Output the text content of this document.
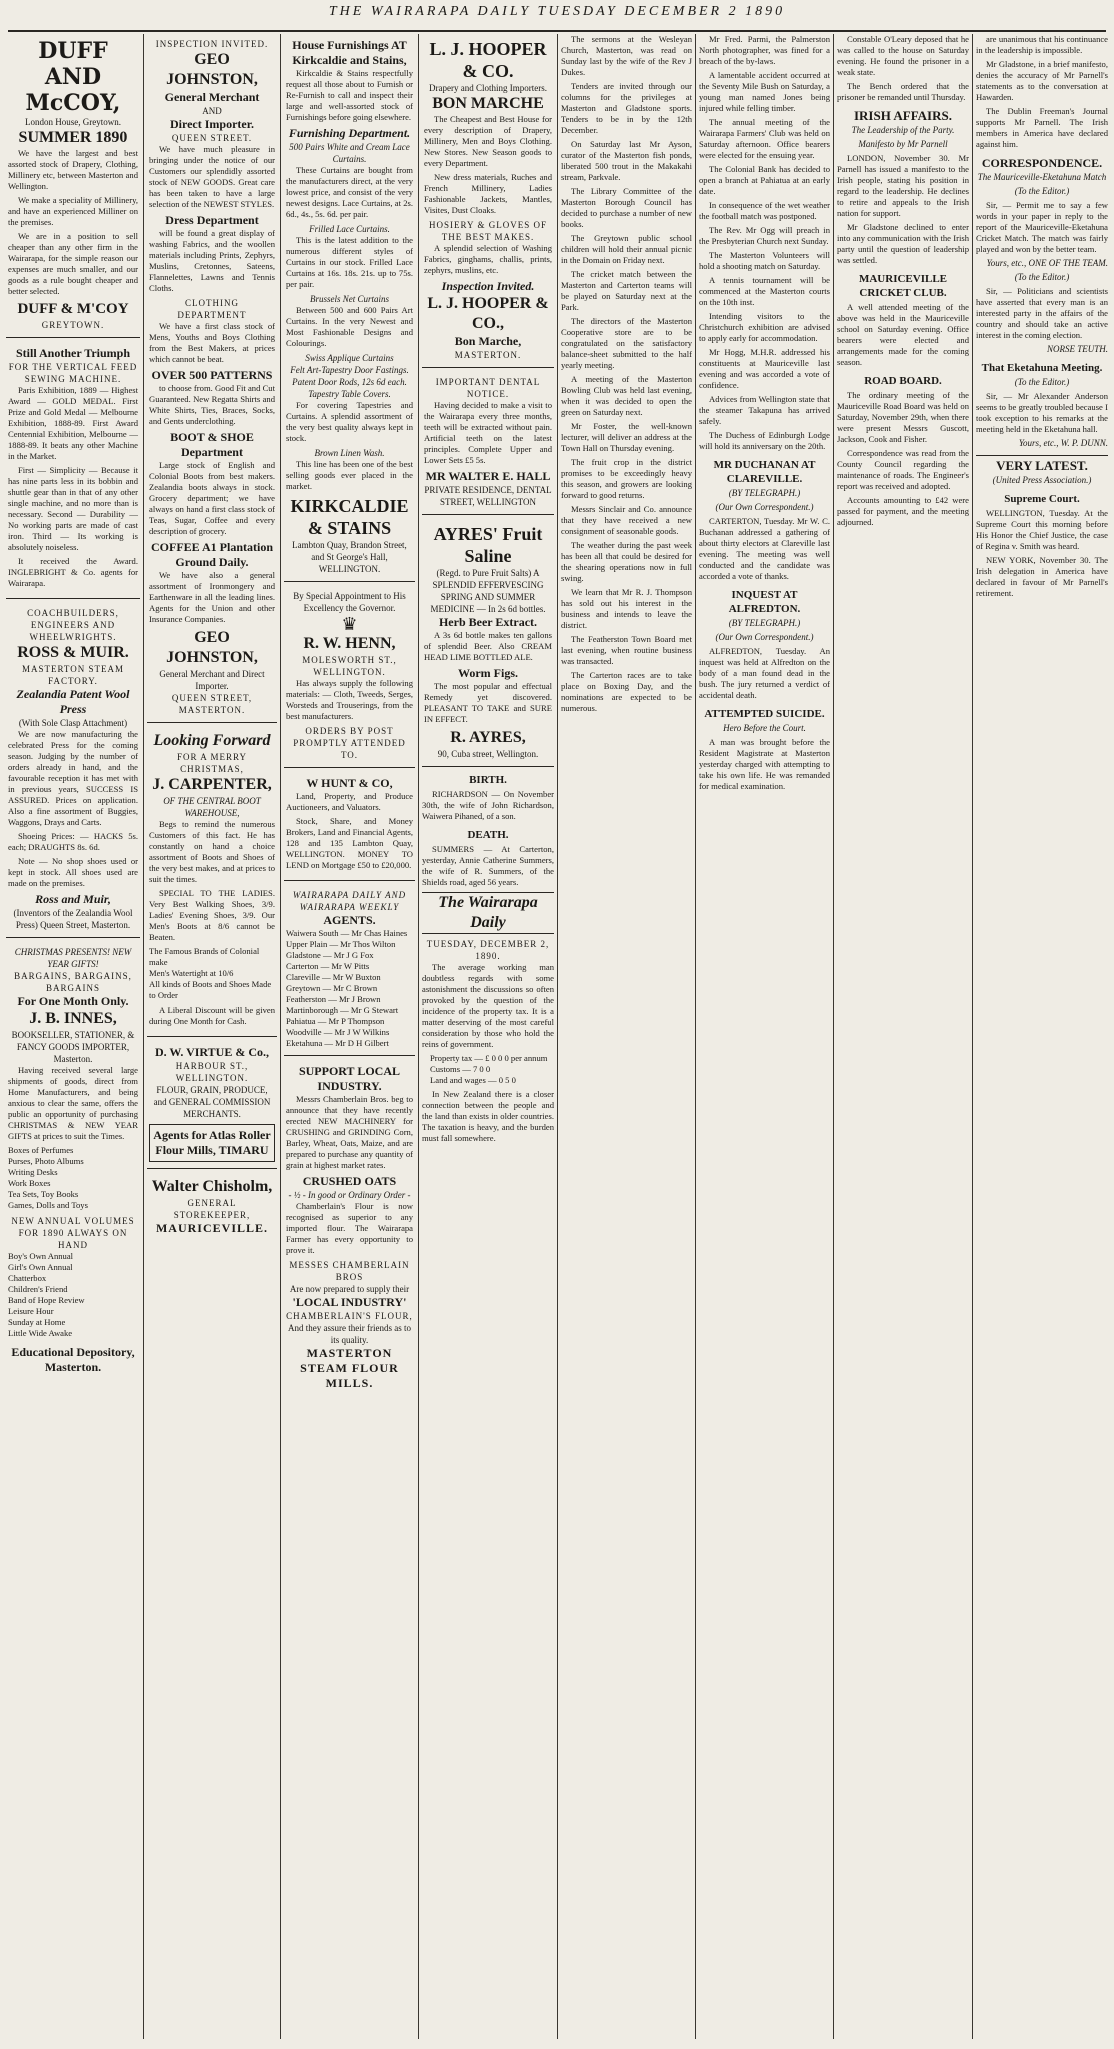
THE WAIRARAPA DAILY TUESDAY DECEMBER 2 1890
DUFF AND McCOY,
London House, Greytown.
SUMMER 1890

We have the largest and best assorted stock of Drapery, Clothing, Millinery etc, between Masterton and Wellington.

We make a speciality of Millinery, and have an experienced Milliner on the premises.

We are in a position to sell cheaper than any other firm in the Wairarapa, for the simple reason our expenses are much smaller, and our goods as a rule bought cheaper and better selected.

DUFF & M'COY
GREYTOWN.
Still Another Triumph
FOR THE VERTICAL FEED SEWING MACHINE.

Paris Exhibition, 1889 — Highest Award — GOLD MEDAL. First Prize and Gold Medal — Melbourne Exhibition, 1888-89. First Award Centennial Exhibition, Melbourne — 1888-89. It beats any other Machine in the Market.

First — Simplicity — Because it has nine parts less in its bobbin and shuttle gear than in that of any other single machine, and no more than is necessary. Second — Durability — No working parts are made of cast iron. Third — Its working is absolutely noiseless.

It received the Award. INGLEBRIGHT & Co. agents for Wairarapa.

COACHBUILDERS, ENGINEERS AND WHEELWRIGHTS.
ROSS & MUIR.
MASTERTON STEAM FACTORY.
Zealandia Patent Wool Press
(With Sole Clasp Attachment)

We are now manufacturing the celebrated Press for the coming season. Judging by the number of orders already in hand, and the favourable reception it has met with in previous years, SUCCESS IS ASSURED. Prices on application. Also a fine assortment of Buggies, Waggons, Drays and Carts.

Shoeing Prices: — HACKS 5s. each; DRAUGHTS 8s. 6d.

Note — No shop shoes used or kept in stock. All shoes used are made on the premises.

Ross and Muir,
(Inventors of the Zealandia Wool Press) Queen Street, Masterton.
CHRISTMAS PRESENTS! NEW YEAR GIFTS!
BARGAINS, BARGAINS, BARGAINS
For One Month Only.
J. B. INNES,
BOOKSELLER, STATIONER, & FANCY GOODS IMPORTER, Masterton.

Having received several large shipments of goods, direct from Home Manufacturers, and being anxious to clear the same, offers the public an opportunity of purchasing CHRISTMAS & NEW YEAR GIFTS at prices to suit the Times.

Boxes of Perfumes
Purses, Photo Albums
Writing Desks
Work Boxes
Tea Sets, Toy Books
Games, Dolls and Toys
NEW ANNUAL VOLUMES FOR 1890 ALWAYS ON HAND
Boy's Own Annual
Girl's Own Annual
Chatterbox
Children's Friend
Band of Hope Review
Leisure Hour
Sunday at Home
Little Wide Awake
Educational Depository, Masterton.
INSPECTION INVITED.
GEO JOHNSTON,
General Merchant
AND
Direct Importer.
QUEEN STREET.

We have much pleasure in bringing under the notice of our Customers our splendidly assorted stock of NEW GOODS. Great care has been taken to have a large selection of the NEWEST STYLES.

Dress Department

will be found a great display of washing Fabrics, and the woollen materials including Prints, Zephyrs, Muslins, Cretonnes, Sateens, Flannelettes, Lawns and Tennis Cloths.

CLOTHING DEPARTMENT

We have a first class stock of Mens, Youths and Boys Clothing from the Best Makers, at prices which cannot be beat.

OVER 500 PATTERNS

to choose from. Good Fit and Cut Guaranteed. New Regatta Shirts and White Shirts, Ties, Braces, Socks, and Gents underclothing.

BOOT & SHOE Department

Large stock of English and Colonial Boots from best makers. Zealandia boots always in stock. Grocery department; we have always on hand a first class stock of Teas, Sugar, Coffee and every description of grocery.

COFFEE A1 Plantation Ground Daily.

We have also a general assortment of Ironmongery and Earthenware in all the leading lines. Agents for the Union and other Insurance Companies.

GEO JOHNSTON,
General Merchant and Direct Importer.
QUEEN STREET, MASTERTON.
Looking Forward
FOR A MERRY CHRISTMAS,
J. CARPENTER,
OF THE CENTRAL BOOT WAREHOUSE,

Begs to remind the numerous Customers of this fact. He has constantly on hand a choice assortment of Boots and Shoes of the very best makes, and at prices to suit the times.

SPECIAL TO THE LADIES. Very Best Walking Shoes, 3/9. Ladies' Evening Shoes, 3/9. Our Men's Boots at 8/6 cannot be Beaten.

The Famous Brands of Colonial make
Men's Watertight at 10/6
All kinds of Boots and Shoes Made to Order

A Liberal Discount will be given during One Month for Cash.

D. W. VIRTUE & Co.,
HARBOUR ST., WELLINGTON.
FLOUR, GRAIN, PRODUCE, and GENERAL COMMISSION MERCHANTS.
Agents for Atlas Roller Flour Mills, TIMARU
Walter Chisholm,
GENERAL STOREKEEPER,
MAURICEVILLE.
House Furnishings AT Kirkcaldie and Stains,

Kirkcaldie & Stains respectfully request all those about to Furnish or Re-Furnish to call and inspect their large and well-assorted stock of Furnishings before going elsewhere.

Furnishing Department.
500 Pairs White and Cream Lace Curtains.

These Curtains are bought from the manufacturers direct, at the very lowest price, and consist of the very newest designs. Lace Curtains, at 2s. 6d., 4s., 5s. 6d. per pair.

Frilled Lace Curtains.

This is the latest addition to the numerous different styles of Curtains in our stock. Frilled Lace Curtains at 16s. 18s. 21s. up to 75s. per pair.

Brussels Net Curtains

Between 500 and 600 Pairs Art Curtains. In the very Newest and Most Fashionable Designs and Colourings.

Swiss Applique Curtains
Felt Art-Tapestry Door Fastings.
Patent Door Rods, 12s 6d each.
Tapestry Table Covers.

For covering Tapestries and Curtains. A splendid assortment of the very best quality always kept in stock.

Brown Linen Wash.

This line has been one of the best selling goods ever placed in the market.

KIRKCALDIE & STAINS
Lambton Quay, Brandon Street, and St George's Hall, WELLINGTON.
By Special Appointment to His Excellency the Governor.
♛
R. W. HENN,
MOLESWORTH ST., WELLINGTON.

Has always supply the following materials: — Cloth, Tweeds, Serges, Worsteds and Trouserings, from the best manufacturers.

ORDERS BY POST PROMPTLY ATTENDED TO.
W HUNT & CO,

Land, Property, and Produce Auctioneers, and Valuators.

Stock, Share, and Money Brokers, Land and Financial Agents, 128 and 135 Lambton Quay, WELLINGTON. MONEY TO LEND on Mortgage £50 to £20,000.

WAIRARAPA DAILY AND WAIRARAPA WEEKLY
AGENTS.
Waiwera South — Mr Chas Haines
Upper Plain — Mr Thos Wilton
Gladstone — Mr J G Fox
Carterton — Mr W Pitts
Clareville — Mr W Buxton
Greytown — Mr C Brown
Featherston — Mr J Brown
Martinborough — Mr G Stewart
Pahiatua — Mr P Thompson
Woodville — Mr J W Wilkins
Eketahuna — Mr D H Gilbert
SUPPORT LOCAL INDUSTRY.

Messrs Chamberlain Bros. beg to announce that they have recently erected NEW MACHINERY for CRUSHING and GRINDING Corn, Barley, Wheat, Oats, Maize, and are prepared to purchase any quantity of grain at highest market rates.

CRUSHED OATS
- ½ - In good or Ordinary Order -

Chamberlain's Flour is now recognised as superior to any imported flour. The Wairarapa Farmer has every opportunity to prove it.

MESSES CHAMBERLAIN BROS
Are now prepared to supply their
'LOCAL INDUSTRY'
CHAMBERLAIN'S FLOUR,
And they assure their friends as to its quality.
MASTERTON STEAM FLOUR MILLS.
L. J. HOOPER & CO.
Drapery and Clothing Importers.
BON MARCHE

The Cheapest and Best House for every description of Drapery, Millinery, Men and Boys Clothing. New Stores. New Season goods to every Department.

New dress materials, Ruches and French Millinery, Ladies Fashionable Jackets, Mantles, Visites, Dust Cloaks.

HOSIERY & GLOVES OF THE BEST MAKES.

A splendid selection of Washing Fabrics, ginghams, challis, prints, zephyrs, muslins, etc.

Inspection Invited.
L. J. HOOPER & CO.,
Bon Marche,
MASTERTON.
IMPORTANT DENTAL NOTICE.

Having decided to make a visit to the Wairarapa every three months, teeth will be extracted without pain. Artificial teeth on the latest principles. Complete Upper and Lower Sets £5 5s.

MR WALTER E. HALL
PRIVATE RESIDENCE, DENTAL STREET, WELLINGTON
AYRES' Fruit Saline
(Regd. to Pure Fruit Salts) A SPLENDID EFFERVESCING SPRING AND SUMMER MEDICINE — In 2s 6d bottles.
Herb Beer Extract.

A 3s 6d bottle makes ten gallons of splendid Beer. Also CREAM HEAD LIME BOTTLED ALE.

Worm Figs.

The most popular and effectual Remedy yet discovered. PLEASANT TO TAKE and SURE IN EFFECT.

R. AYRES,
90, Cuba street, Wellington.
BIRTH.

RICHARDSON — On November 30th, the wife of John Richardson, Waiwera Pihaned, of a son.

DEATH.

SUMMERS — At Carterton, yesterday, Annie Catherine Summers, the wife of R. Summers, of the Shields road, aged 56 years.

The Wairarapa Daily
TUESDAY, DECEMBER 2, 1890.

The average working man doubtless regards with some astonishment the discussions so often provoked by the question of the incidence of the property tax. It is a matter deserving of the most careful consideration by those who hold the reins of government.

Property tax — £ 0 0 0 per annum
Customs — 7 0 0
Land and wages — 0 5 0

In New Zealand there is a closer connection between the people and the land than exists in older countries. The taxation is heavy, and the burden must fall somewhere.

The sermons at the Wesleyan Church, Masterton, was read on Sunday last by the wife of the Rev J Dukes.

Tenders are invited through our columns for the privileges at Masterton and Gladstone sports. Tenders to be in by the 12th December.

On Saturday last Mr Ayson, curator of the Masterton fish ponds, liberated 500 trout in the Makakahi stream, Parkvale.

The Library Committee of the Masterton Borough Council has decided to purchase a number of new books.

The Greytown public school children will hold their annual picnic in the Domain on Friday next.

The cricket match between the Masterton and Carterton teams will be played on Saturday next at the Park.

The directors of the Masterton Cooperative store are to be congratulated on the satisfactory balance-sheet submitted to the half yearly meeting.

A meeting of the Masterton Bowling Club was held last evening, when it was decided to open the green on Saturday next.

Mr Foster, the well-known lecturer, will deliver an address at the Town Hall on Thursday evening.

The fruit crop in the district promises to be exceedingly heavy this season, and growers are looking forward to good returns.

Messrs Sinclair and Co. announce that they have received a new consignment of seasonable goods.

The weather during the past week has been all that could be desired for the shearing operations now in full swing.

We learn that Mr R. J. Thompson has sold out his interest in the business and intends to leave the district.

The Featherston Town Board met last evening, when routine business was transacted.

The Carterton races are to take place on Boxing Day, and the nominations are expected to be numerous.

Mr Fred. Parmi, the Palmerston North photographer, was fined for a breach of the by-laws.

A lamentable accident occurred at the Seventy Mile Bush on Saturday, a young man named Jones being injured while felling timber.

The annual meeting of the Wairarapa Farmers' Club was held on Saturday afternoon. Office bearers were elected for the ensuing year.

The Colonial Bank has decided to open a branch at Pahiatua at an early date.

In consequence of the wet weather the football match was postponed.

The Rev. Mr Ogg will preach in the Presbyterian Church next Sunday.

The Masterton Volunteers will hold a shooting match on Saturday.

A tennis tournament will be commenced at the Masterton courts on the 10th inst.

Intending visitors to the Christchurch exhibition are advised to apply early for accommodation.

Mr Hogg, M.H.R. addressed his constituents at Mauriceville last evening and was accorded a vote of confidence.

Advices from Wellington state that the steamer Takapuna has arrived safely.

The Duchess of Edinburgh Lodge will hold its anniversary on the 20th.

MR DUCHANAN AT CLAREVILLE.
(BY TELEGRAPH.)
(Our Own Correspondent.)

CARTERTON, Tuesday. Mr W. C. Buchanan addressed a gathering of about thirty electors at Clareville last evening. The meeting was well conducted and the candidate was accorded a vote of thanks.

INQUEST AT ALFREDTON.
(BY TELEGRAPH.)
(Our Own Correspondent.)

ALFREDTON, Tuesday. An inquest was held at Alfredton on the body of a man found dead in the bush. The jury returned a verdict of accidental death.

ATTEMPTED SUICIDE.
Hero Before the Court.

A man was brought before the Resident Magistrate at Masterton yesterday charged with attempting to take his own life. He was remanded for medical examination.

Constable O'Leary deposed that he was called to the house on Saturday evening. He found the prisoner in a weak state.

The Bench ordered that the prisoner be remanded until Thursday.

IRISH AFFAIRS.
The Leadership of the Party.
Manifesto by Mr Parnell

LONDON, November 30. Mr Parnell has issued a manifesto to the Irish people, stating his position in regard to the leadership. He declines to retire and appeals to the Irish nation for support.

Mr Gladstone declined to enter into any communication with the Irish party until the question of leadership was settled.

MAURICEVILLE CRICKET CLUB.

A well attended meeting of the above was held in the Mauriceville school on Saturday evening. Office bearers were elected and arrangements made for the coming season.

ROAD BOARD.

The ordinary meeting of the Mauriceville Road Board was held on Saturday, November 29th, when there were present Messrs Guscott, Jackson, Cook and Fisher.

Correspondence was read from the County Council regarding the maintenance of roads. The Engineer's report was received and adopted.

Accounts amounting to £42 were passed for payment, and the meeting adjourned.

are unanimous that his continuance in the leadership is impossible.

Mr Gladstone, in a brief manifesto, denies the accuracy of Mr Parnell's statements as to the conversation at Hawarden.

The Dublin Freeman's Journal supports Mr Parnell. The Irish members in America have declared against him.

CORRESPONDENCE.
The Mauriceville-Eketahuna Match
(To the Editor.)

Sir, — Permit me to say a few words in your paper in reply to the report of the Mauriceville-Eketahuna Cricket Match. The match was fairly played and won by the better team.

Yours, etc., ONE OF THE TEAM.
(To the Editor.)

Sir, — Politicians and scientists have asserted that every man is an interested party in the affairs of the country and should take an active interest in the coming election.

NORSE TEUTH.
That Eketahuna Meeting.
(To the Editor.)

Sir, — Mr Alexander Anderson seems to be greatly troubled because I took exception to his remarks at the meeting held in the Eketahuna hall.

Yours, etc., W. P. DUNN.
VERY LATEST.
(United Press Association.)
Supreme Court.

WELLINGTON, Tuesday. At the Supreme Court this morning before His Honor the Chief Justice, the case of Regina v. Smith was heard.

NEW YORK, November 30. The Irish delegation in America have declared in favour of Mr Parnell's retirement.
